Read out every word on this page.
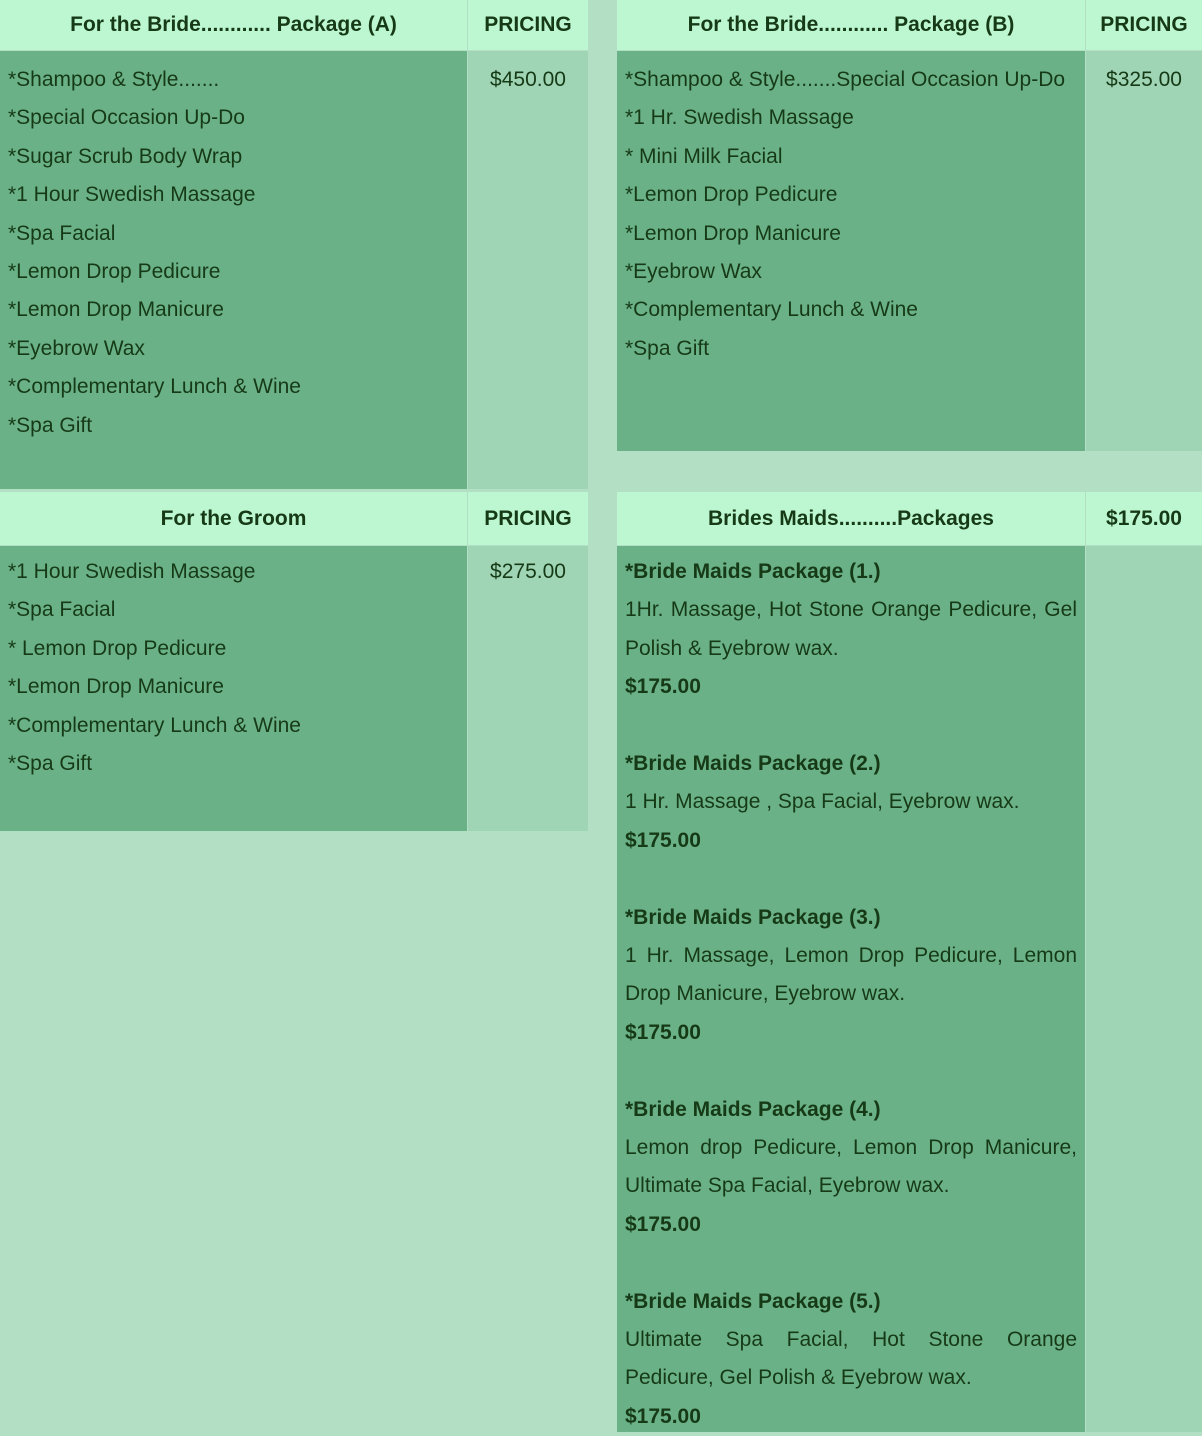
For the Bride............ Package (A)	PRICING
*Shampoo & Style.......
*Special Occasion Up-Do
*Sugar Scrub Body Wrap
*1 Hour Swedish Massage
*Spa Facial
*Lemon Drop Pedicure
*Lemon Drop Manicure
*Eyebrow Wax
*Complementary Lunch & Wine
*Spa Gift
$450.00
For the Bride............ Package (B)	PRICING
*Shampoo & Style.......Special Occasion Up-Do
*1 Hr. Swedish Massage
* Mini Milk Facial
*Lemon Drop Pedicure
*Lemon Drop Manicure
*Eyebrow Wax
*Complementary Lunch & Wine
*Spa Gift
$325.00
For the Groom	PRICING
*1 Hour Swedish Massage
*Spa Facial
* Lemon Drop Pedicure
*Lemon Drop Manicure
*Complementary Lunch & Wine
*Spa Gift
$275.00
Brides Maids..........Packages	$175.00
*Bride Maids Package (1.)
1Hr. Massage, Hot Stone Orange Pedicure, Gel Polish & Eyebrow wax.
$175.00
*Bride Maids Package (2.)
1 Hr. Massage , Spa Facial, Eyebrow wax.
$175.00
*Bride Maids Package (3.)
1 Hr. Massage, Lemon Drop Pedicure, Lemon Drop Manicure, Eyebrow wax.
$175.00
*Bride Maids Package (4.)
Lemon drop Pedicure, Lemon Drop Manicure, Ultimate Spa Facial, Eyebrow wax.
$175.00
*Bride Maids Package (5.)
Ultimate Spa Facial, Hot Stone Orange Pedicure, Gel Polish & Eyebrow wax.
$175.00
